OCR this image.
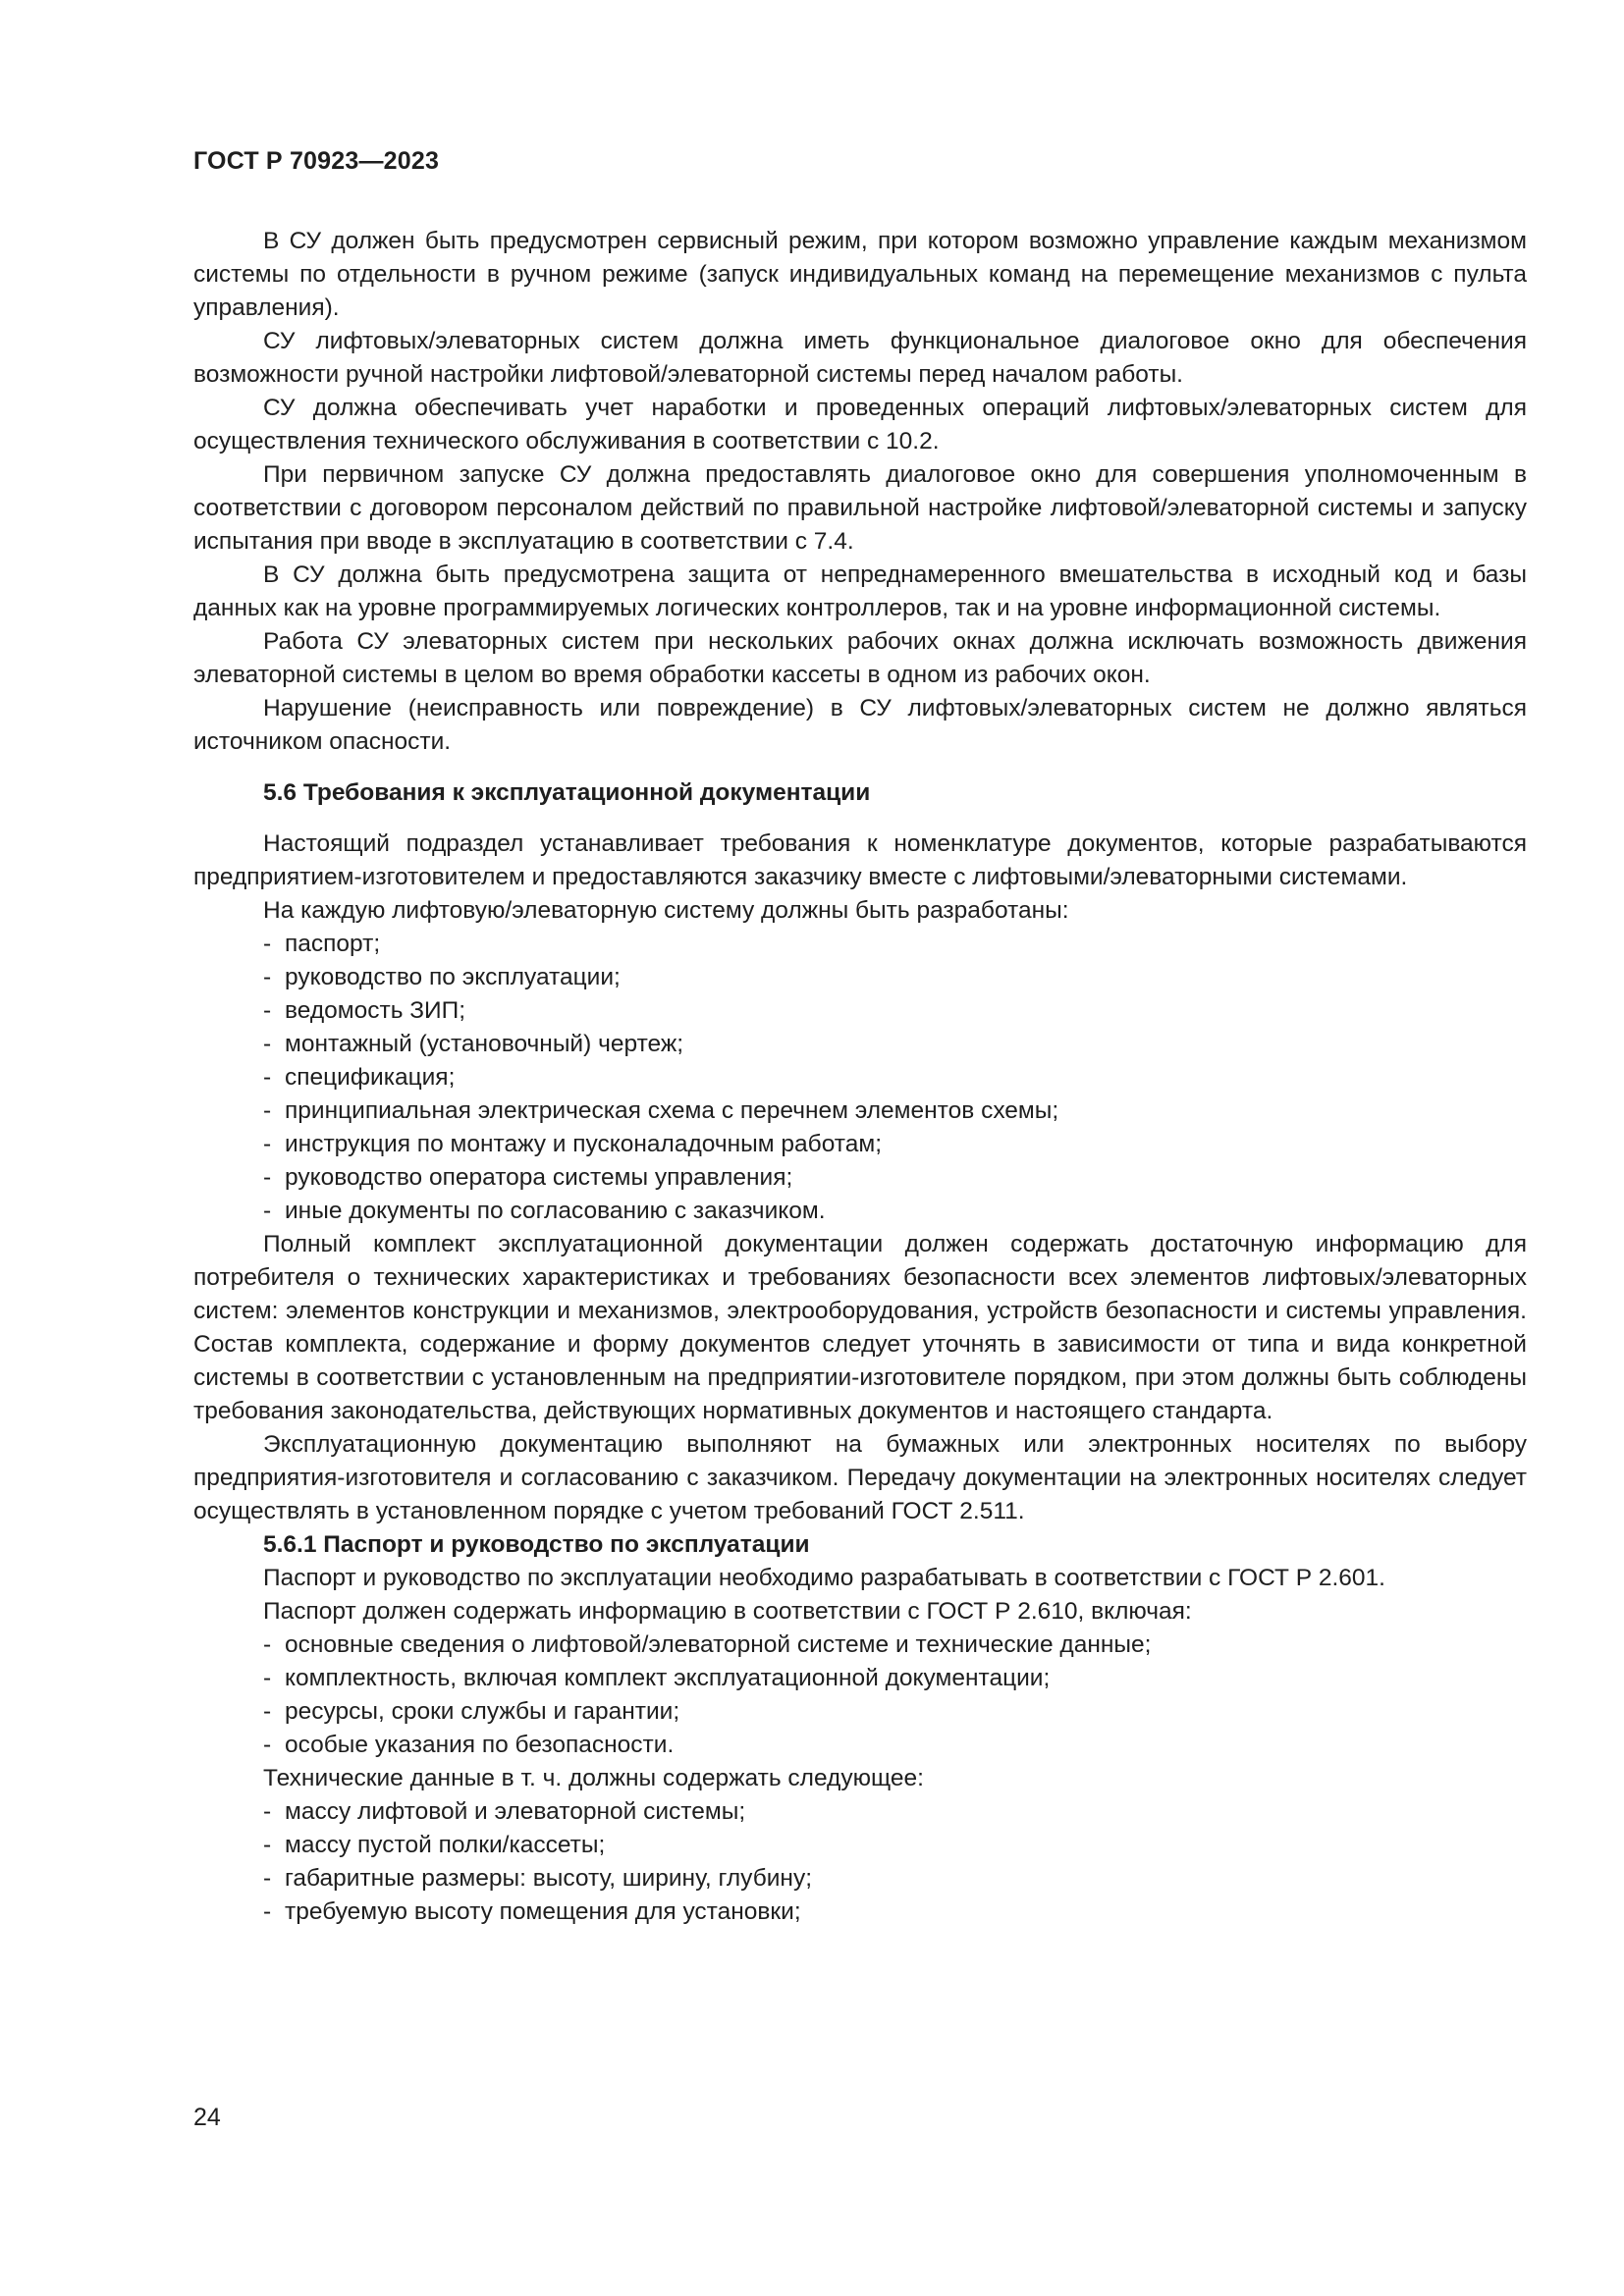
ГОСТ Р 70923—2023

В СУ должен быть предусмотрен сервисный режим, при котором возможно управление каждым механизмом системы по отдельности в ручном режиме (запуск индивидуальных команд на перемещение механизмов с пульта управления).

СУ лифтовых/элеваторных систем должна иметь функциональное диалоговое окно для обеспечения возможности ручной настройки лифтовой/элеваторной системы перед началом работы.

СУ должна обеспечивать учет наработки и проведенных операций лифтовых/элеваторных систем для осуществления технического обслуживания в соответствии с 10.2.

При первичном запуске СУ должна предоставлять диалоговое окно для совершения уполномоченным в соответствии с договором персоналом действий по правильной настройке лифтовой/элеваторной системы и запуску испытания при вводе в эксплуатацию в соответствии с 7.4.

В СУ должна быть предусмотрена защита от непреднамеренного вмешательства в исходный код и базы данных как на уровне программируемых логических контроллеров, так и на уровне информационной системы.

Работа СУ элеваторных систем при нескольких рабочих окнах должна исключать возможность движения элеваторной системы в целом во время обработки кассеты в одном из рабочих окон.

Нарушение (неисправность или повреждение) в СУ лифтовых/элеваторных систем не должно являться источником опасности.

5.6 Требования к эксплуатационной документации

Настоящий подраздел устанавливает требования к номенклатуре документов, которые разрабатываются предприятием-изготовителем и предоставляются заказчику вместе с лифтовыми/элеваторными системами.

На каждую лифтовую/элеваторную систему должны быть разработаны:

- паспорт;
- руководство по эксплуатации;
- ведомость ЗИП;
- монтажный (установочный) чертеж;
- спецификация;
- принципиальная электрическая схема с перечнем элементов схемы;
- инструкция по монтажу и пусконаладочным работам;
- руководство оператора системы управления;
- иные документы по согласованию с заказчиком.

Полный комплект эксплуатационной документации должен содержать достаточную информацию для потребителя о технических характеристиках и требованиях безопасности всех элементов лифтовых/элеваторных систем: элементов конструкции и механизмов, электрооборудования, устройств безопасности и системы управления. Состав комплекта, содержание и форму документов следует уточнять в зависимости от типа и вида конкретной системы в соответствии с установленным на предприятии-изготовителе порядком, при этом должны быть соблюдены требования законодательства, действующих нормативных документов и настоящего стандарта.

Эксплуатационную документацию выполняют на бумажных или электронных носителях по выбору предприятия-изготовителя и согласованию с заказчиком. Передачу документации на электронных носителях следует осуществлять в установленном порядке с учетом требований ГОСТ 2.511.

5.6.1 Паспорт и руководство по эксплуатации

Паспорт и руководство по эксплуатации необходимо разрабатывать в соответствии с ГОСТ Р 2.601.

Паспорт должен содержать информацию в соответствии с ГОСТ Р 2.610, включая:

- основные сведения о лифтовой/элеваторной системе и технические данные;
- комплектность, включая комплект эксплуатационной документации;
- ресурсы, сроки службы и гарантии;
- особые указания по безопасности.

Технические данные в т. ч. должны содержать следующее:

- массу лифтовой и элеваторной системы;
- массу пустой полки/кассеты;
- габаритные размеры: высоту, ширину, глубину;
- требуемую высоту помещения для установки;

24
